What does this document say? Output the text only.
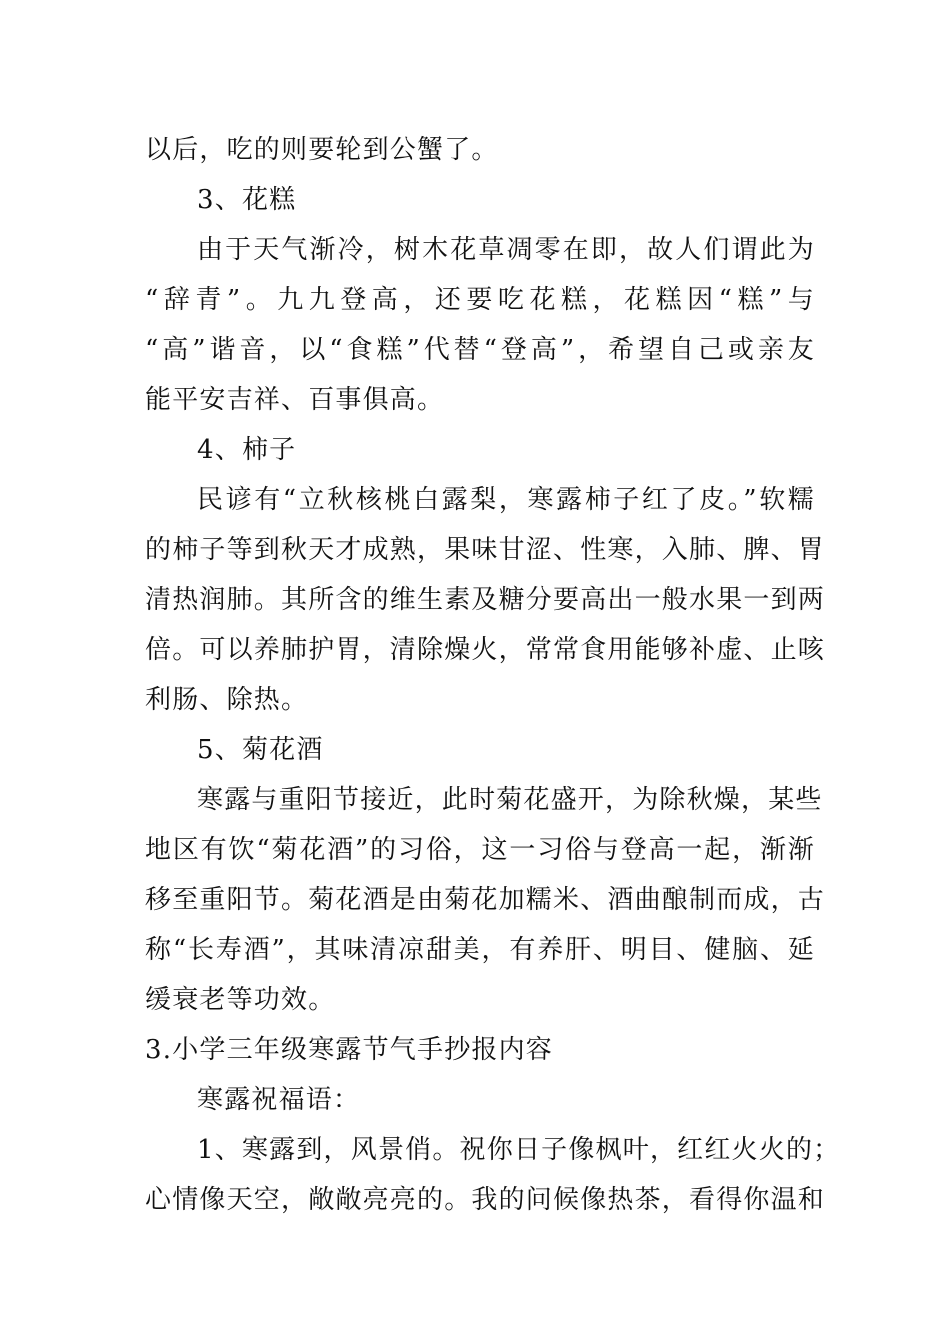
以后，吃的则要轮到公蟹了。
3、花糕
由于天气渐冷，树木花草凋零在即，故人们谓此为
“辞青”。九九登高，还要吃花糕，花糕因“糕”与
“高”谐音，以“食糕”代替“登高”，希望自己或亲友
能平安吉祥、百事俱高。
4、柿子
民谚有“立秋核桃白露梨，寒露柿子红了皮。”软糯
的柿子等到秋天才成熟，果味甘涩、性寒，入肺、脾、胃
清热润肺。其所含的维生素及糖分要高出一般水果一到两
倍。可以养肺护胃，清除燥火，常常食用能够补虚、止咳
利肠、除热。
5、菊花酒
寒露与重阳节接近，此时菊花盛开，为除秋燥，某些
地区有饮“菊花酒”的习俗，这一习俗与登高一起，渐渐
移至重阳节。菊花酒是由菊花加糯米、酒曲酿制而成，古
称“长寿酒”，其味清凉甜美，有养肝、明目、健脑、延
缓衰老等功效。
3.小学三年级寒露节气手抄报内容
寒露祝福语：
1、寒露到，风景俏。祝你日子像枫叶，红红火火的；
心情像天空，敞敞亮亮的。我的问候像热茶，看得你温和
